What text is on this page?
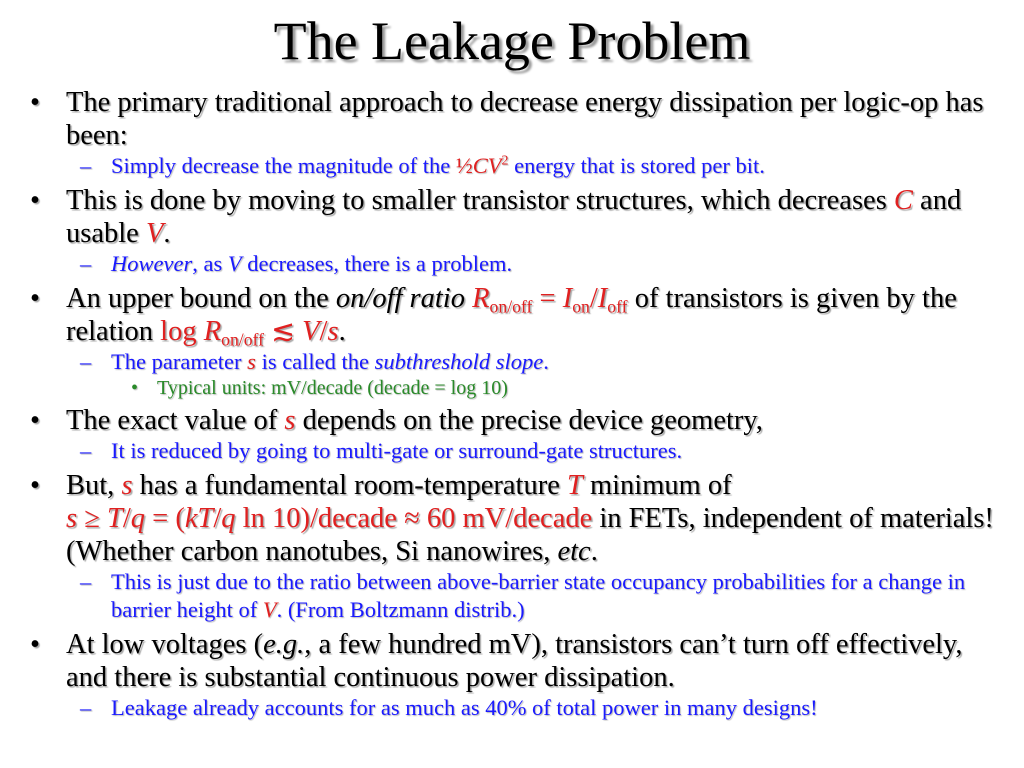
The Leakage Problem
• The primary traditional approach to decrease energy dissipation per logic-op has been:
– Simply decrease the magnitude of the $\frac{1}{2}CV^2$ energy that is stored per bit.
• This is done by moving to smaller transistor structures, which decreases C and usable V.
– However, as V decreases, there is a problem.
• An upper bound on the on/off ratio $R_{on/off} = I_{on}/I_{off}$ of transistors is given by the relation $\log R_{on/off}$ ≲ V/s.
– The parameter s is called the subthreshold slope.
• Typical units: mV/decade (decade = log 10)
• The exact value of s depends on the precise device geometry,
– It is reduced by going to multi-gate or surround-gate structures.
• But, s has a fundamental room-temperature T minimum of
s ≥ T/q = (kT/q ln 10)/decade ≈ 60 mV/decade in FETs, independent of materials! (Whether carbon nanotubes, Si nanowires, etc.
– This is just due to the ratio between above-barrier state occupancy probabilities for a change in barrier height of V. (From Boltzmann distrib.)
• At low voltages (e.g., a few hundred mV), transistors can’t turn off effectively, and there is substantial continuous power dissipation.
– Leakage already accounts for as much as 40% of total power in many designs!
